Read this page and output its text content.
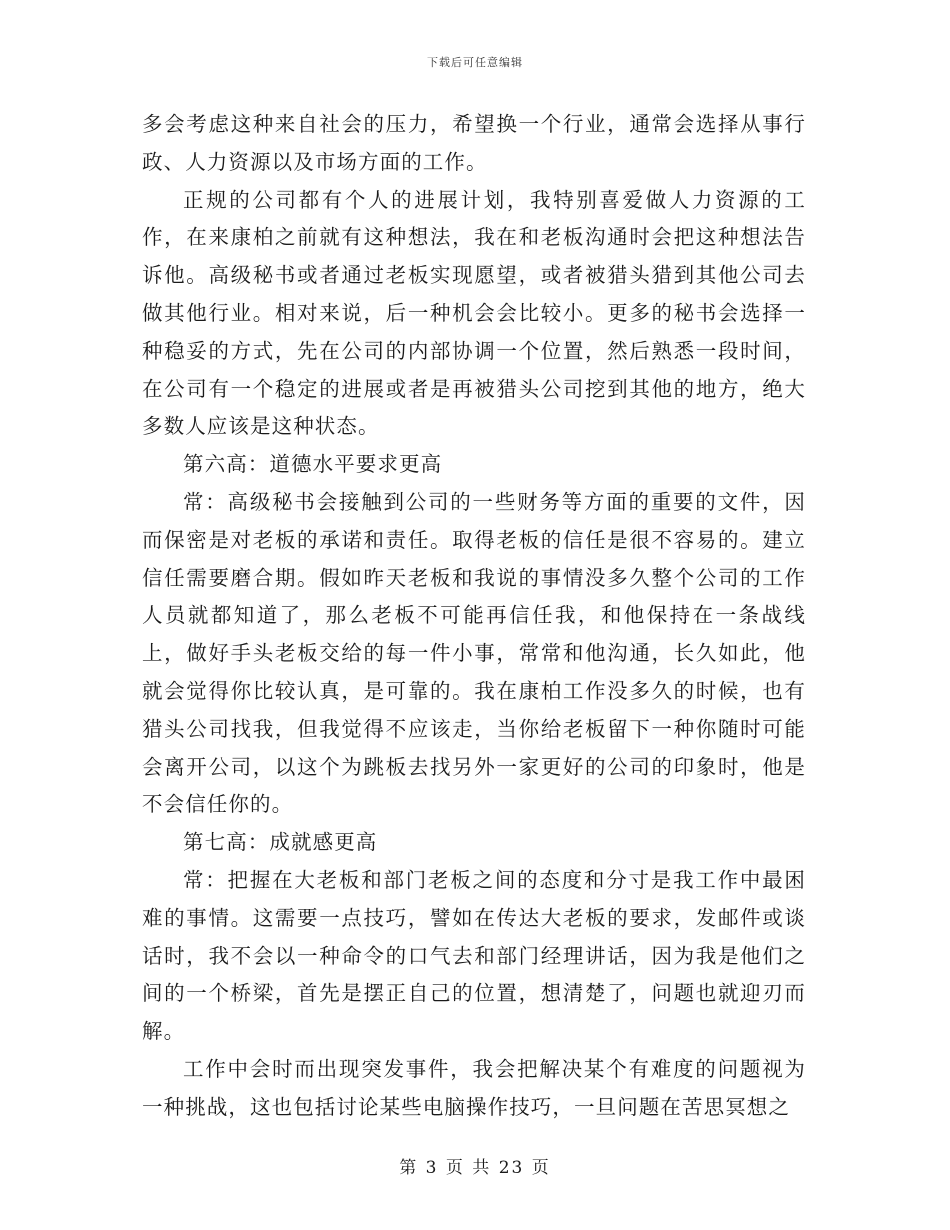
下载后可任意编辑

多会考虑这种来自社会的压力，希望换一个行业，通常会选择从事行政、人力资源以及市场方面的工作。

正规的公司都有个人的进展计划，我特别喜爱做人力资源的工作，在来康柏之前就有这种想法，我在和老板沟通时会把这种想法告诉他。高级秘书或者通过老板实现愿望，或者被猎头猎到其他公司去做其他行业。相对来说，后一种机会会比较小。更多的秘书会选择一种稳妥的方式，先在公司的内部协调一个位置，然后熟悉一段时间，在公司有一个稳定的进展或者是再被猎头公司挖到其他的地方，绝大多数人应该是这种状态。

第六高：道德水平要求更高

常：高级秘书会接触到公司的一些财务等方面的重要的文件，因而保密是对老板的承诺和责任。取得老板的信任是很不容易的。建立信任需要磨合期。假如昨天老板和我说的事情没多久整个公司的工作人员就都知道了，那么老板不可能再信任我，和他保持在一条战线上，做好手头老板交给的每一件小事，常常和他沟通，长久如此，他就会觉得你比较认真，是可靠的。我在康柏工作没多久的时候，也有猎头公司找我，但我觉得不应该走，当你给老板留下一种你随时可能会离开公司，以这个为跳板去找另外一家更好的公司的印象时，他是不会信任你的。

第七高：成就感更高

常：把握在大老板和部门老板之间的态度和分寸是我工作中最困难的事情。这需要一点技巧，譬如在传达大老板的要求，发邮件或谈话时，我不会以一种命令的口气去和部门经理讲话，因为我是他们之间的一个桥梁，首先是摆正自己的位置，想清楚了，问题也就迎刃而解。

工作中会时而出现突发事件，我会把解决某个有难度的问题视为一种挑战，这也包括讨论某些电脑操作技巧，一旦问题在苦思冥想之

第 3 页 共 23 页
